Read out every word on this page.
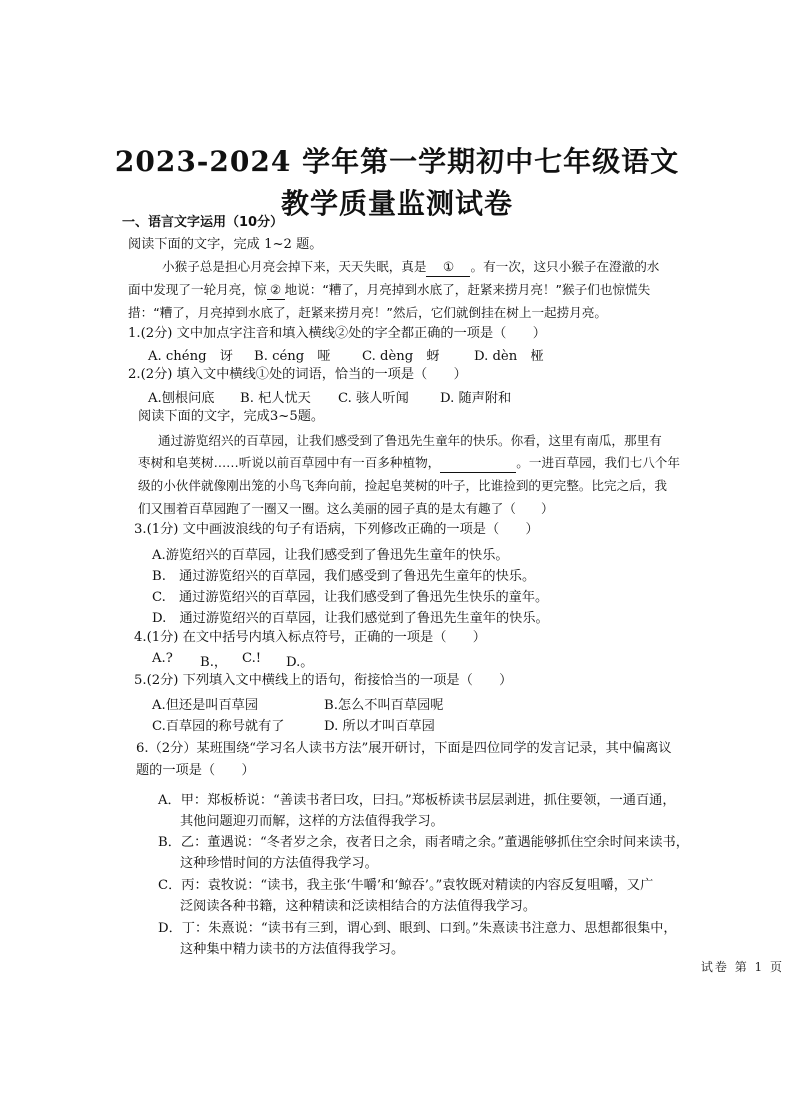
2023-2024 学年第一学期初中七年级语文
教学质量监测试卷
一、语言文字运用（10分）
阅读下面的文字，完成 1~2 题。
小猴子总是担心月亮会掉下来，天天失眠，真是 ① 。有一次，这只小猴子在澄澈的水
面中发现了一轮月亮，惊 ② 地说：“糟了，月亮掉到水底了，赶紧来捞月亮！”猴子们也惊慌失
措：“糟了，月亮掉到水底了，赶紧来捞月亮！”然后，它们就倒挂在树上一起捞月亮。
1.(2分) 文中加点字注音和填入横线②处的字全都正确的一项是（　　）
A. chéng　讶 B. céng　哑 C. dèng　蚜	D. dèn　桠
2.(2分) 填入文中横线①处的词语，恰当的一项是（　　）
A.刨根问底 B. 杞人忧天 C. 骇人听闻 D. 随声附和
阅读下面的文字，完成3~5题。
通过游览绍兴的百草园，让我们感受到了鲁迅先生童年的快乐。你看，这里有南瓜，那里有
枣树和皂荚树……听说以前百草园中有一百多种植物，	。一进百草园，我们七八个年
级的小伙伴就像刚出笼的小鸟飞奔向前，捡起皂荚树的叶子，比谁捡到的更完整。比完之后，我
们又围着百草园跑了一圈又一圈。这么美丽的园子真的是太有趣了（　　）
3.(1分) 文中画波浪线的句子有语病，下列修改正确的一项是（　　）
A.游览绍兴的百草园，让我们感受到了鲁迅先生童年的快乐。
B.　通过游览绍兴的百草园，我们感受到了鲁迅先生童年的快乐。
C.　通过游览绍兴的百草园，让我们感受到了鲁迅先生快乐的童年。
D.　通过游览绍兴的百草园，让我们感觉到了鲁迅先生童年的快乐。
4.(1分) 在文中括号内填入标点符号，正确的一项是（　　）
A.? B.， C.! D.。
5.(2分) 下列填入文中横线上的语句，衔接恰当的一项是（　　）
A.但还是叫百草园	B.怎么不叫百草园呢
C.百草园的称号就有了	D. 所以才叫百草园
6.（2分）某班围绕“学习名人读书方法”展开研讨，下面是四位同学的发言记录，其中偏离议
题的一项是（　　）
A．甲：郑板桥说：“善读书者曰攻，曰扫。”郑板桥读书层层剥进，抓住要领，一通百通，
其他问题迎刃而解，这样的方法值得我学习。
B．乙：董遇说：“冬者岁之余，夜者日之余，雨者晴之余。”董遇能够抓住空余时间来读书，
这种珍惜时间的方法值得我学习。
C．丙：袁牧说：“读书，我主张‘牛嚼’和‘鲸吞’。”袁牧既对精读的内容反复咀嚼，又广
泛阅读各种书籍，这种精读和泛读相结合的方法值得我学习。
D．丁：朱熹说：“读书有三到，谓心到、眼到、口到。”朱熹读书注意力、思想都很集中，
这种集中精力读书的方法值得我学习。
试卷 第 1 页
